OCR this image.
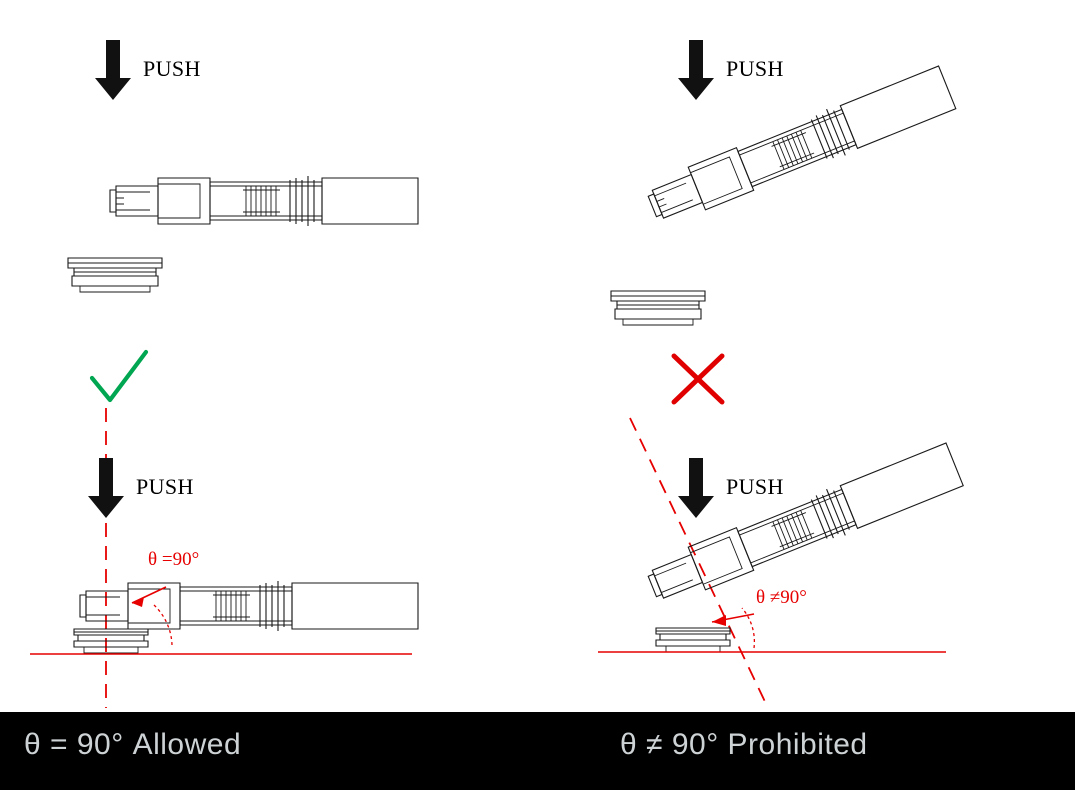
PUSH
PUSH
θ =90°
PUSH
PUSH
θ ≠90°
θ = 90° Allowed	θ ≠ 90° Prohibited
